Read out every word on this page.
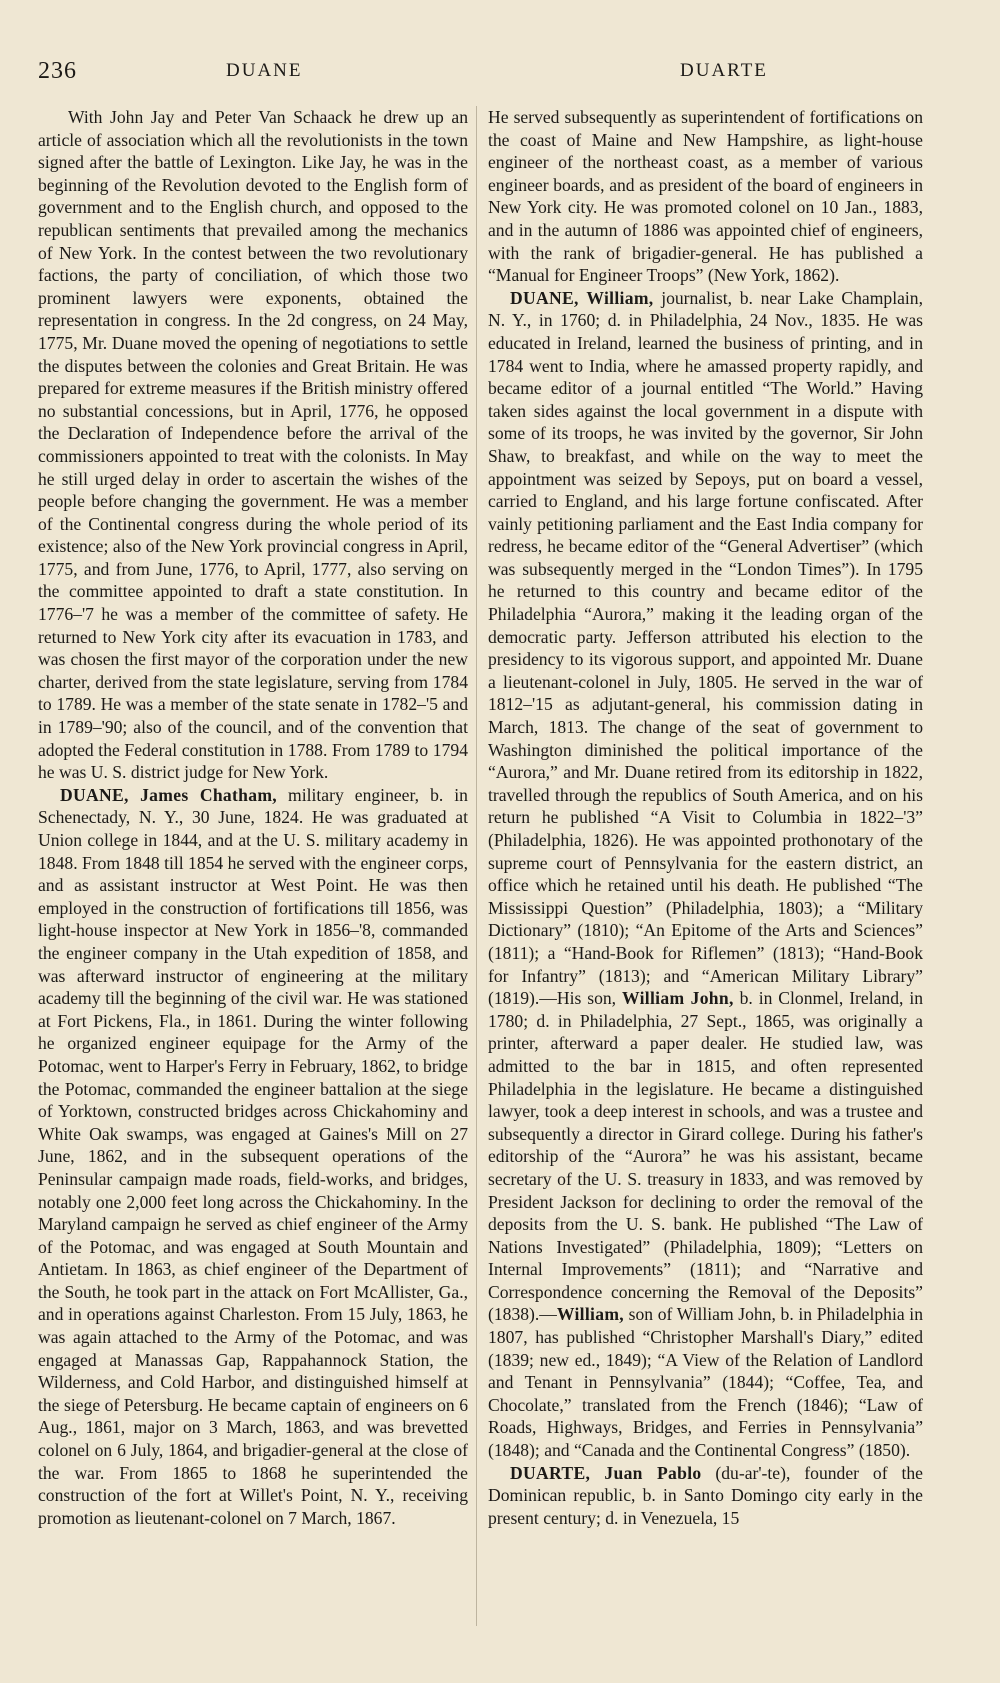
236	DUANE	DUARTE

With John Jay and Peter Van Schaack he drew up an article of association which all the revolutionists in the town signed after the battle of Lexington. Like Jay, he was in the beginning of the Revolution devoted to the English form of government and to the English church, and opposed to the republican sentiments that prevailed among the mechanics of New York. In the contest between the two revolutionary factions, the party of conciliation, of which those two prominent lawyers were exponents, obtained the representation in congress. In the 2d congress, on 24 May, 1775, Mr. Duane moved the opening of negotiations to settle the disputes between the colonies and Great Britain. He was prepared for extreme measures if the British ministry offered no substantial concessions, but in April, 1776, he opposed the Declaration of Independence before the arrival of the commissioners appointed to treat with the colonists. In May he still urged delay in order to ascertain the wishes of the people before changing the government. He was a member of the Continental congress during the whole period of its existence; also of the New York provincial congress in April, 1775, and from June, 1776, to April, 1777, also serving on the committee appointed to draft a state constitution. In 1776–'7 he was a member of the committee of safety. He returned to New York city after its evacuation in 1783, and was chosen the first mayor of the corporation under the new charter, derived from the state legislature, serving from 1784 to 1789. He was a member of the state senate in 1782–'5 and in 1789–'90; also of the council, and of the convention that adopted the Federal constitution in 1788. From 1789 to 1794 he was U. S. district judge for New York.

DUANE, James Chatham, military engineer, b. in Schenectady, N. Y., 30 June, 1824. He was graduated at Union college in 1844, and at the U. S. military academy in 1848. From 1848 till 1854 he served with the engineer corps, and as assistant instructor at West Point. He was then employed in the construction of fortifications till 1856, was light-house inspector at New York in 1856–'8, commanded the engineer company in the Utah expedition of 1858, and was afterward instructor of engineering at the military academy till the beginning of the civil war. He was stationed at Fort Pickens, Fla., in 1861. During the winter following he organized engineer equipage for the Army of the Potomac, went to Harper's Ferry in February, 1862, to bridge the Potomac, commanded the engineer battalion at the siege of Yorktown, constructed bridges across Chickahominy and White Oak swamps, was engaged at Gaines's Mill on 27 June, 1862, and in the subsequent operations of the Peninsular campaign made roads, field-works, and bridges, notably one 2,000 feet long across the Chickahominy. In the Maryland campaign he served as chief engineer of the Army of the Potomac, and was engaged at South Mountain and Antietam. In 1863, as chief engineer of the Department of the South, he took part in the attack on Fort McAllister, Ga., and in operations against Charleston. From 15 July, 1863, he was again attached to the Army of the Potomac, and was engaged at Manassas Gap, Rappahannock Station, the Wilderness, and Cold Harbor, and distinguished himself at the siege of Petersburg. He became captain of engineers on 6 Aug., 1861, major on 3 March, 1863, and was brevetted colonel on 6 July, 1864, and brigadier-general at the close of the war. From 1865 to 1868 he superintended the construction of the fort at Willet's Point, N. Y., receiving promotion as lieutenant-colonel on 7 March, 1867.

He served subsequently as superintendent of fortifications on the coast of Maine and New Hampshire, as light-house engineer of the northeast coast, as a member of various engineer boards, and as president of the board of engineers in New York city. He was promoted colonel on 10 Jan., 1883, and in the autumn of 1886 was appointed chief of engineers, with the rank of brigadier-general. He has published a “Manual for Engineer Troops” (New York, 1862).

DUANE, William, journalist, b. near Lake Champlain, N. Y., in 1760; d. in Philadelphia, 24 Nov., 1835. He was educated in Ireland, learned the business of printing, and in 1784 went to India, where he amassed property rapidly, and became editor of a journal entitled “The World.” Having taken sides against the local government in a dispute with some of its troops, he was invited by the governor, Sir John Shaw, to breakfast, and while on the way to meet the appointment was seized by Sepoys, put on board a vessel, carried to England, and his large fortune confiscated. After vainly petitioning parliament and the East India company for redress, he became editor of the “General Advertiser” (which was subsequently merged in the “London Times”). In 1795 he returned to this country and became editor of the Philadelphia “Aurora,” making it the leading organ of the democratic party. Jefferson attributed his election to the presidency to its vigorous support, and appointed Mr. Duane a lieutenant-colonel in July, 1805. He served in the war of 1812–'15 as adjutant-general, his commission dating in March, 1813. The change of the seat of government to Washington diminished the political importance of the “Aurora,” and Mr. Duane retired from its editorship in 1822, travelled through the republics of South America, and on his return he published “A Visit to Columbia in 1822–'3” (Philadelphia, 1826). He was appointed prothonotary of the supreme court of Pennsylvania for the eastern district, an office which he retained until his death. He published “The Mississippi Question” (Philadelphia, 1803); a “Military Dictionary” (1810); “An Epitome of the Arts and Sciences” (1811); a “Hand-Book for Riflemen” (1813); “Hand-Book for Infantry” (1813); and “American Military Library” (1819).—His son, William John, b. in Clonmel, Ireland, in 1780; d. in Philadelphia, 27 Sept., 1865, was originally a printer, afterward a paper dealer. He studied law, was admitted to the bar in 1815, and often represented Philadelphia in the legislature. He became a distinguished lawyer, took a deep interest in schools, and was a trustee and subsequently a director in Girard college. During his father's editorship of the “Aurora” he was his assistant, became secretary of the U. S. treasury in 1833, and was removed by President Jackson for declining to order the removal of the deposits from the U. S. bank. He published “The Law of Nations Investigated” (Philadelphia, 1809); “Letters on Internal Improvements” (1811); and “Narrative and Correspondence concerning the Removal of the Deposits” (1838).—William, son of William John, b. in Philadelphia in 1807, has published “Christopher Marshall's Diary,” edited (1839; new ed., 1849); “A View of the Relation of Landlord and Tenant in Pennsylvania” (1844); “Coffee, Tea, and Chocolate,” translated from the French (1846); “Law of Roads, Highways, Bridges, and Ferries in Pennsylvania” (1848); and “Canada and the Continental Congress” (1850).

DUARTE, Juan Pablo (du-ar'-te), founder of the Dominican republic, b. in Santo Domingo city early in the present century; d. in Venezuela, 15
